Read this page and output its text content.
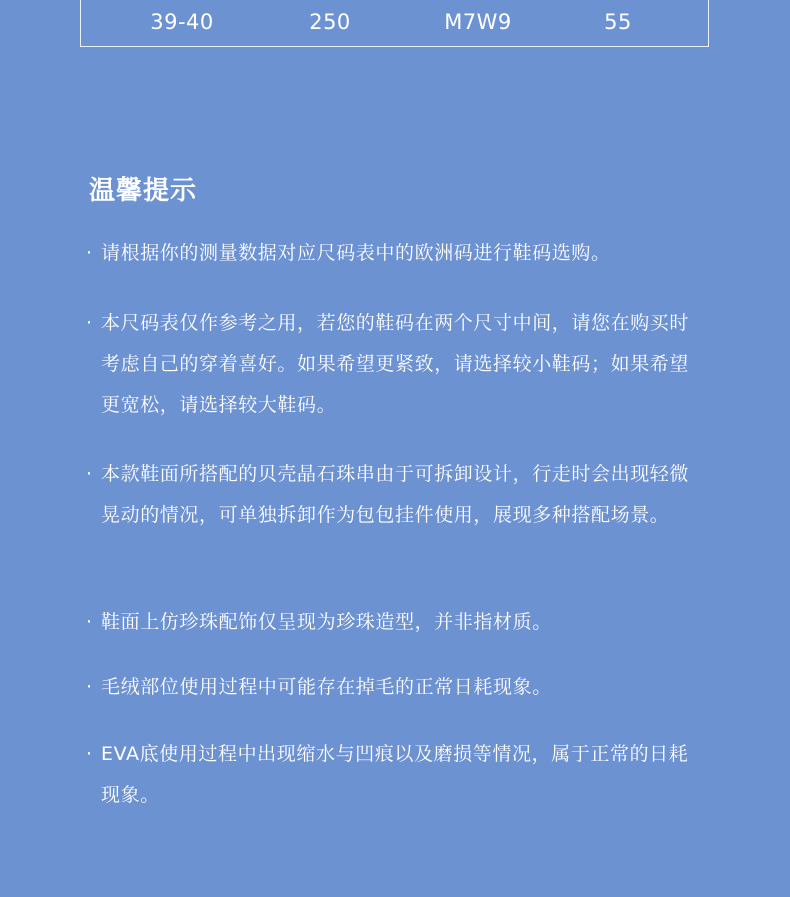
39-40	250	M7W9	55
温馨提示
· 请根据你的测量数据对应尺码表中的欧洲码进行鞋码选购。
· 本尺码表仅作参考之用，若您的鞋码在两个尺寸中间，请您在购买时考虑自己的穿着喜好。如果希望更紧致，请选择较小鞋码；如果希望更宽松，请选择较大鞋码。
· 本款鞋面所搭配的贝壳晶石珠串由于可拆卸设计，行走时会出现轻微晃动的情况，可单独拆卸作为包包挂件使用，展现多种搭配场景。
· 鞋面上仿珍珠配饰仅呈现为珍珠造型，并非指材质。
· 毛绒部位使用过程中可能存在掉毛的正常日耗现象。
· EVA底使用过程中出现缩水与凹痕以及磨损等情况，属于正常的日耗现象。
